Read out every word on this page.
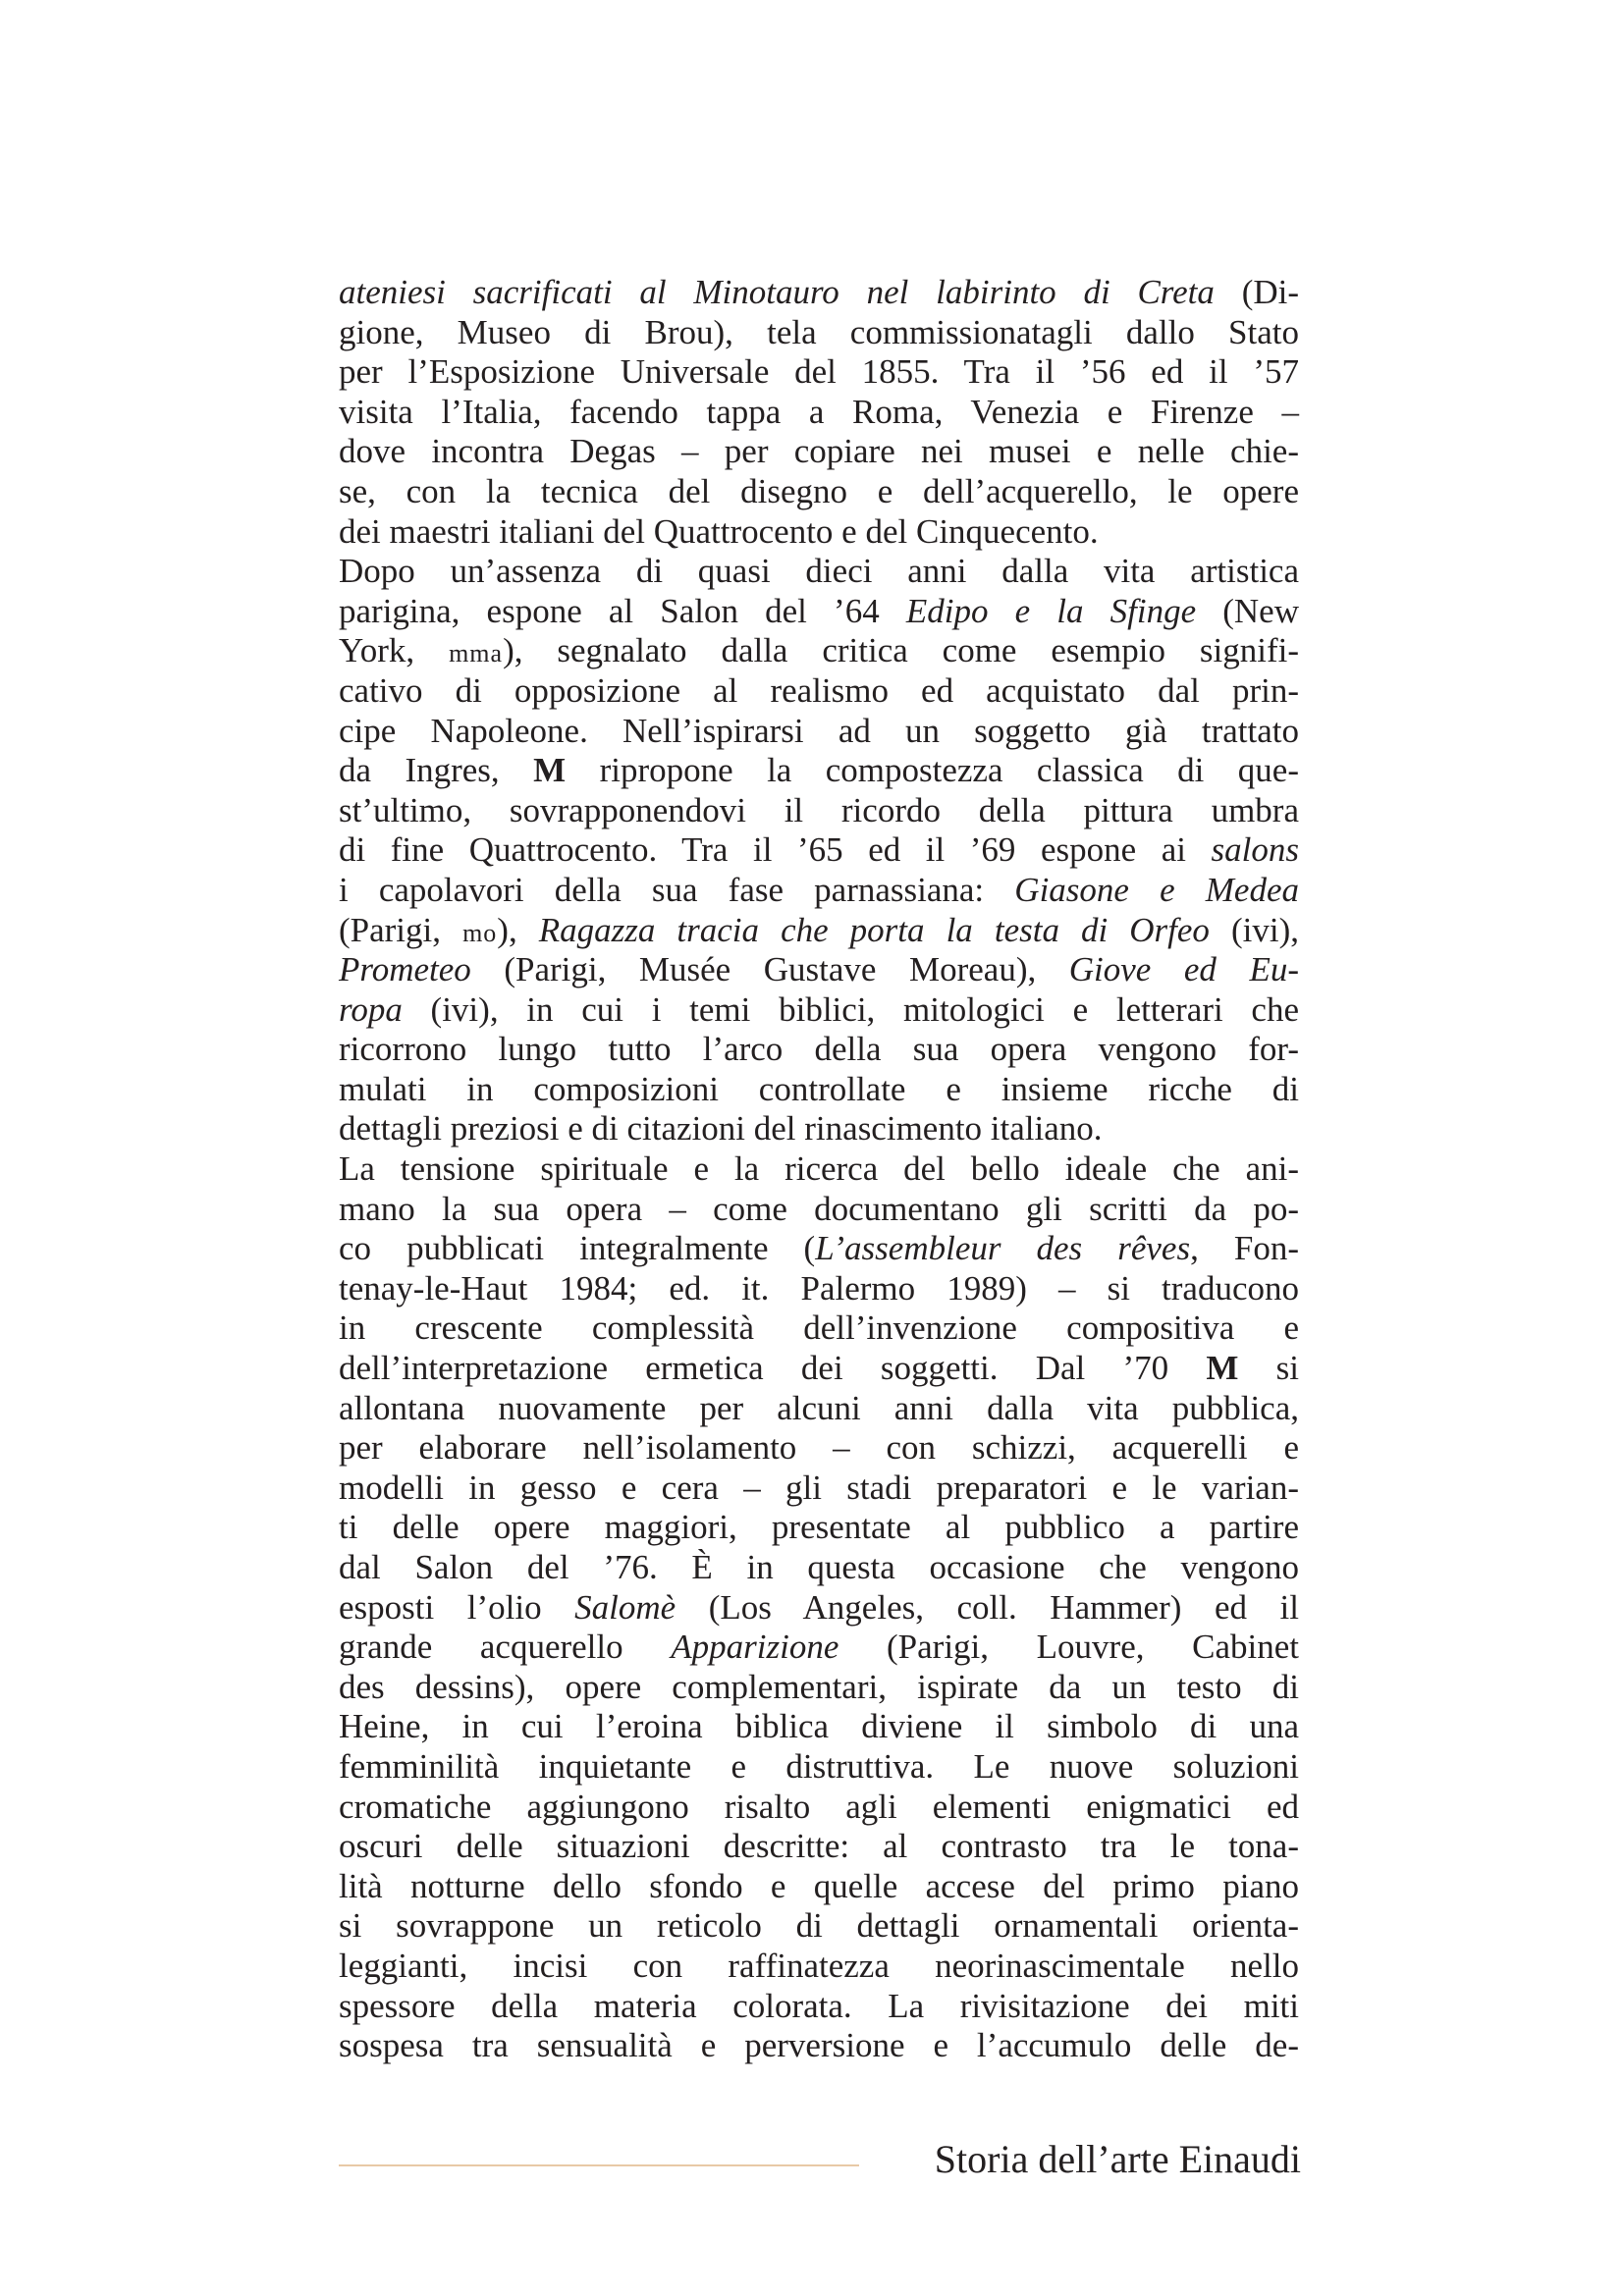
ateniesi sacrificati al Minotauro nel labirinto di Creta (Di-
gione, Museo di Brou), tela commissionatagli dallo Stato
per l’Esposizione Universale del 1855. Tra il ’56 ed il ’57
visita l’Italia, facendo tappa a Roma, Venezia e Firenze –
dove incontra Degas – per copiare nei musei e nelle chie-
se, con la tecnica del disegno e dell’acquerello, le opere
dei maestri italiani del Quattrocento e del Cinquecento.
Dopo un’assenza di quasi dieci anni dalla vita artistica
parigina, espone al Salon del ’64 Edipo e la Sfinge (New
York, mma), segnalato dalla critica come esempio signifi-
cativo di opposizione al realismo ed acquistato dal prin-
cipe Napoleone. Nell’ispirarsi ad un soggetto già trattato
da Ingres, M ripropone la compostezza classica di que-
st’ultimo, sovrapponendovi il ricordo della pittura umbra
di fine Quattrocento. Tra il ’65 ed il ’69 espone ai salons
i capolavori della sua fase parnassiana: Giasone e Medea
(Parigi, mo), Ragazza tracia che porta la testa di Orfeo (ivi),
Prometeo (Parigi, Musée Gustave Moreau), Giove ed Eu-
ropa (ivi), in cui i temi biblici, mitologici e letterari che
ricorrono lungo tutto l’arco della sua opera vengono for-
mulati in composizioni controllate e insieme ricche di
dettagli preziosi e di citazioni del rinascimento italiano.
La tensione spirituale e la ricerca del bello ideale che ani-
mano la sua opera – come documentano gli scritti da po-
co pubblicati integralmente (L’assembleur des rêves, Fon-
tenay-le-Haut 1984; ed. it. Palermo 1989) – si traducono
in crescente complessità dell’invenzione compositiva e
dell’interpretazione ermetica dei soggetti. Dal ’70 M si
allontana nuovamente per alcuni anni dalla vita pubblica,
per elaborare nell’isolamento – con schizzi, acquerelli e
modelli in gesso e cera – gli stadi preparatori e le varian-
ti delle opere maggiori, presentate al pubblico a partire
dal Salon del ’76. È in questa occasione che vengono
esposti l’olio Salomè (Los Angeles, coll. Hammer) ed il
grande acquerello Apparizione (Parigi, Louvre, Cabinet
des dessins), opere complementari, ispirate da un testo di
Heine, in cui l’eroina biblica diviene il simbolo di una
femminilità inquietante e distruttiva. Le nuove soluzioni
cromatiche aggiungono risalto agli elementi enigmatici ed
oscuri delle situazioni descritte: al contrasto tra le tona-
lità notturne dello sfondo e quelle accese del primo piano
si sovrappone un reticolo di dettagli ornamentali orienta-
leggianti, incisi con raffinatezza neorinascimentale nello
spessore della materia colorata. La rivisitazione dei miti
sospesa tra sensualità e perversione e l’accumulo delle de-
Storia dell’arte Einaudi
